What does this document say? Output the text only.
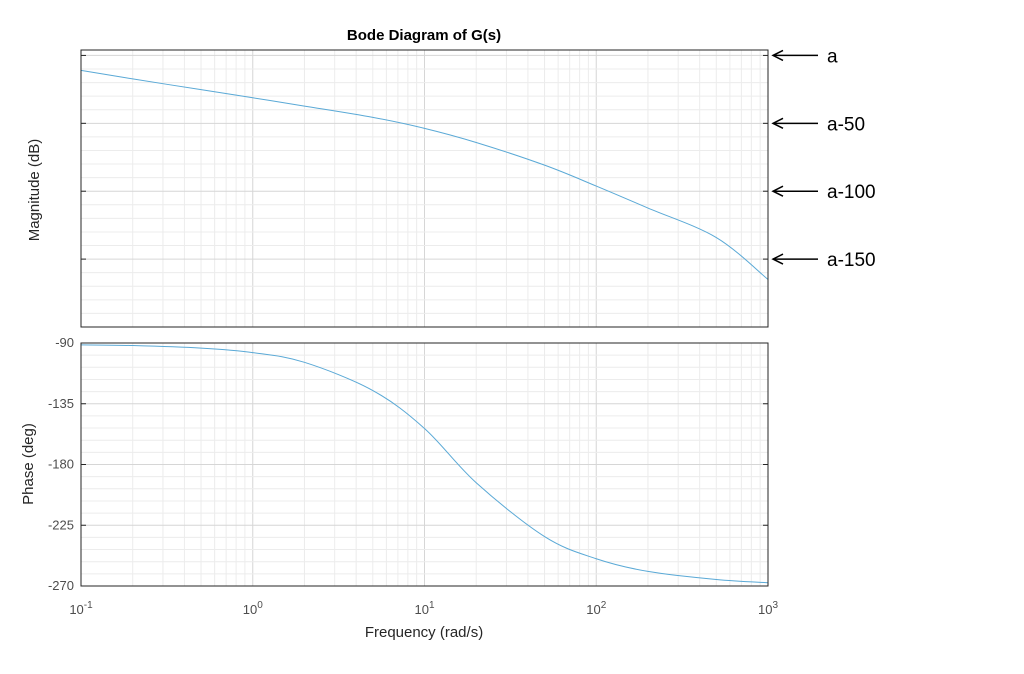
Bode Diagram of G(s)
Magnitude (dB)
-90
-135
-180
-225
-270
Phase (deg)
$10^{-1}$	$10^0$	$10^1$	$10^2$	$10^3$
Frequency (rad/s)
a
a-50
a-100
a-150
